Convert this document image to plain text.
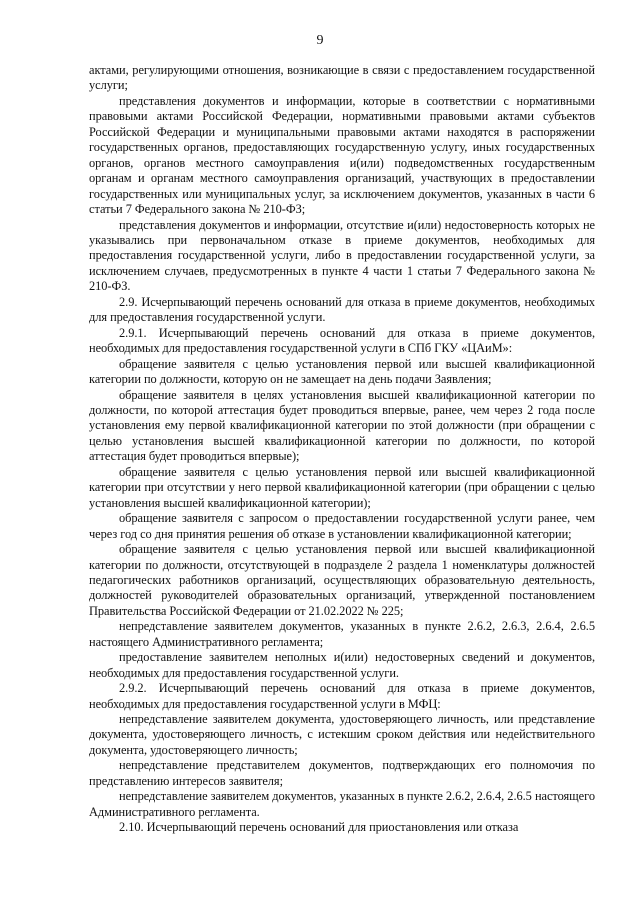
9

актами, регулирующими отношения, возникающие в связи с предоставлением государственной услуги;

представления документов и информации, которые в соответствии с нормативными правовыми актами Российской Федерации, нормативными правовыми актами субъектов Российской Федерации и муниципальными правовыми актами находятся в распоряжении государственных органов, предоставляющих государственную услугу, иных государственных органов, органов местного самоуправления и(или) подведомственных государственным органам и органам местного самоуправления организаций, участвующих в предоставлении государственных или муниципальных услуг, за исключением документов, указанных в части 6 статьи 7 Федерального закона № 210-ФЗ;

представления документов и информации, отсутствие и(или) недостоверность которых не указывались при первоначальном отказе в приеме документов, необходимых для предоставления государственной услуги, либо в предоставлении государственной услуги, за исключением случаев, предусмотренных в пункте 4 части 1 статьи 7 Федерального закона № 210-ФЗ.

2.9. Исчерпывающий перечень оснований для отказа в приеме документов, необходимых для предоставления государственной услуги.

2.9.1. Исчерпывающий перечень оснований для отказа в приеме документов, необходимых для предоставления государственной услуги в СПб ГКУ «ЦАиМ»:

обращение заявителя с целью установления первой или высшей квалификационной категории по должности, которую он не замещает на день подачи Заявления;

обращение заявителя в целях установления высшей квалификационной категории по должности, по которой аттестация будет проводиться впервые, ранее, чем через 2 года после установления ему первой квалификационной категории по этой должности (при обращении с целью установления высшей квалификационной категории по должности, по которой аттестация будет проводиться впервые);

обращение заявителя с целью установления первой или высшей квалификационной категории при отсутствии у него первой квалификационной категории (при обращении с целью установления высшей квалификационной категории);

обращение заявителя с запросом о предоставлении государственной услуги ранее, чем через год со дня принятия решения об отказе в установлении квалификационной категории;

обращение заявителя с целью установления первой или высшей квалификационной категории по должности, отсутствующей в подразделе 2 раздела 1 номенклатуры должностей педагогических работников организаций, осуществляющих образовательную деятельность, должностей руководителей образовательных организаций, утвержденной постановлением Правительства Российской Федерации от 21.02.2022 № 225;

непредставление заявителем документов, указанных в пункте 2.6.2, 2.6.3, 2.6.4, 2.6.5 настоящего Административного регламента;

предоставление заявителем неполных и(или) недостоверных сведений и документов, необходимых для предоставления государственной услуги.

2.9.2. Исчерпывающий перечень оснований для отказа в приеме документов, необходимых для предоставления государственной услуги в МФЦ:

непредставление заявителем документа, удостоверяющего личность, или представление документа, удостоверяющего личность, с истекшим сроком действия или недействительного документа, удостоверяющего личность;

непредставление представителем документов, подтверждающих его полномочия по представлению интересов заявителя;

непредставление заявителем документов, указанных в пункте 2.6.2, 2.6.4, 2.6.5 настоящего Административного регламента.

2.10. Исчерпывающий перечень оснований для приостановления или отказа
